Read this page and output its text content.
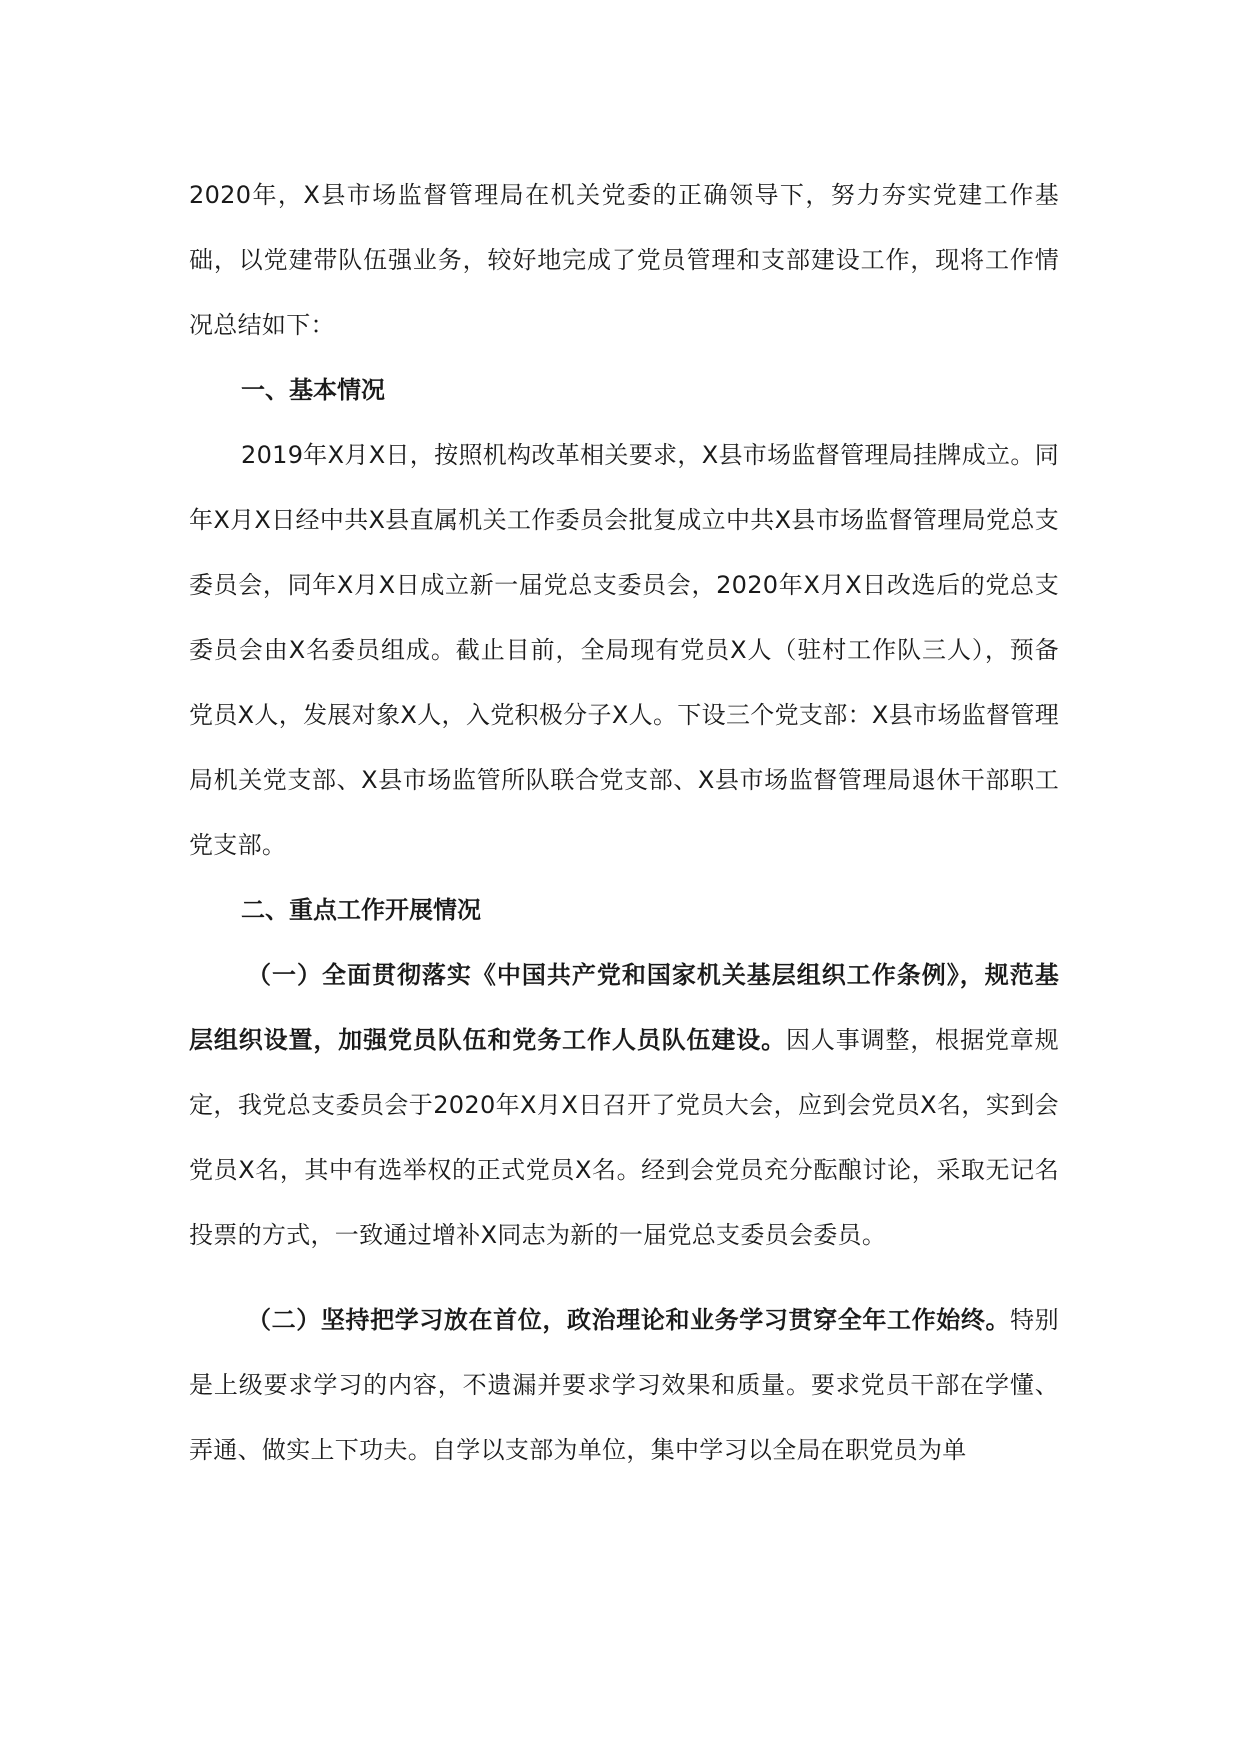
2020年，X县市场监督管理局在机关党委的正确领导下，努力夯实党建工作基础，以党建带队伍强业务，较好地完成了党员管理和支部建设工作，现将工作情况总结如下：

一、基本情况

2019年X月X日，按照机构改革相关要求，X县市场监督管理局挂牌成立。同年X月X日经中共X县直属机关工作委员会批复成立中共X县市场监督管理局党总支委员会，同年X月X日成立新一届党总支委员会，2020年X月X日改选后的党总支委员会由X名委员组成。截止目前，全局现有党员X人（驻村工作队三人），预备党员X人，发展对象X人，入党积极分子X人。下设三个党支部：X县市场监督管理局机关党支部、X县市场监管所队联合党支部、X县市场监督管理局退休干部职工党支部。

二、重点工作开展情况

（一）全面贯彻落实《中国共产党和国家机关基层组织工作条例》，规范基层组织设置，加强党员队伍和党务工作人员队伍建设。因人事调整，根据党章规定，我党总支委员会于2020年X月X日召开了党员大会，应到会党员X名，实到会党员X名，其中有选举权的正式党员X名。经到会党员充分酝酿讨论，采取无记名投票的方式，一致通过增补X同志为新的一届党总支委员会委员。

（二）坚持把学习放在首位，政治理论和业务学习贯穿全年工作始终。特别是上级要求学习的内容，不遗漏并要求学习效果和质量。要求党员干部在学懂、弄通、做实上下功夫。自学以支部为单位，集中学习以全局在职党员为单
